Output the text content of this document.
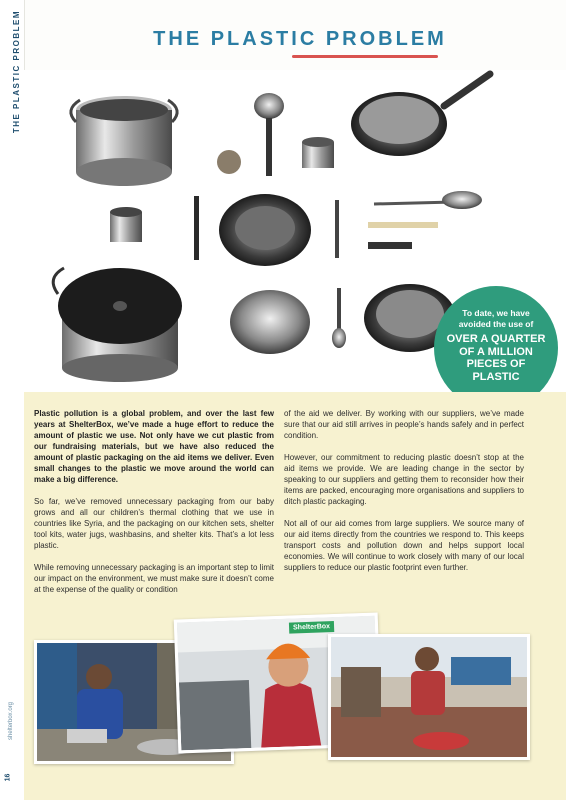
THE PLASTIC PROBLEM
shelterbox.org
16
THE PLASTIC PROBLEM
To date, we have avoided the use of
OVER A QUARTER OF A MILLION PIECES OF PLASTIC

Plastic pollution is a global problem, and over the last few years at ShelterBox, we’ve made a huge effort to reduce the amount of plastic we use. Not only have we cut plastic from our fundraising materials, but we have also reduced the amount of plastic packaging on the aid items we deliver. Even small changes to the plastic we move around the world can make a big difference.

So far, we’ve removed unnecessary packaging from our baby grows and all our children’s thermal clothing that we use in countries like Syria, and the packaging on our kitchen sets, shelter tool kits, water jugs, washbasins, and shelter kits. That’s a lot less plastic.

While removing unnecessary packaging is an important step to limit our impact on the environment, we must make sure it doesn’t come at the expense of the quality or condition

of the aid we deliver. By working with our suppliers, we’ve made sure that our aid still arrives in people’s hands safely and in perfect condition.

However, our commitment to reducing plastic doesn’t stop at the aid items we provide. We are leading change in the sector by speaking to our suppliers and getting them to reconsider how their items are packed, encouraging more organisations and suppliers to ditch plastic packaging.

Not all of our aid comes from large suppliers. We source many of our aid items directly from the countries we respond to. This keeps transport costs and pollution down and helps support local economies. We will continue to work closely with many of our local suppliers to reduce our plastic footprint even further.

ShelterBox
